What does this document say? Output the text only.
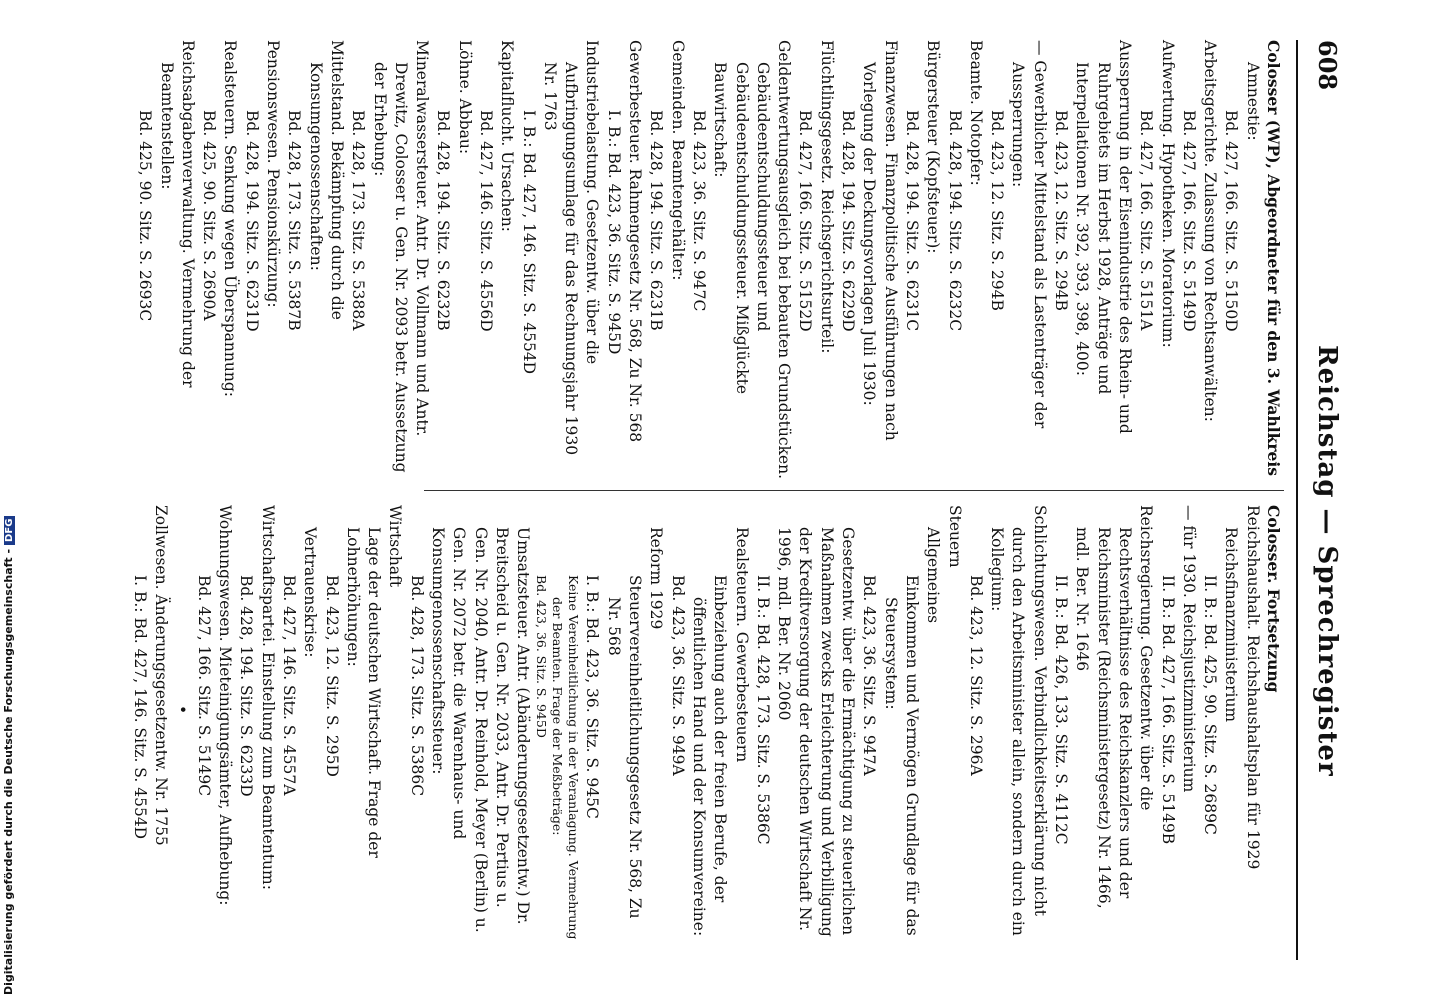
608
Reichstag — Sprechregister
Colosser (WP), Abgeordneter für den 3. Wahlkreis
Amnestie:
Bd. 427, 166. Sitz. S. 5150D
Arbeitsgerichte. Zulassung von Rechtsanwälten:
Bd. 427, 166. Sitz. S. 5149D
Aufwertung. Hypotheken. Moratorium:
Bd. 427, 166. Sitz. S. 5151A
Aussperrung in der Eisenindustrie des Rhein- und Ruhrgebiets im Herbst 1928, Anträge und Interpellationen Nr. 392, 393, 398, 400:
Bd. 423, 12. Sitz. S. 294B
— Gewerblicher Mittelstand als Lastenträger der Aussperrungen:
Bd. 423, 12. Sitz. S. 294B
Beamte. Notopfer:
Bd. 428, 194. Sitz. S. 6232C
Bürgersteuer (Kopfsteuer):
Bd. 428, 194. Sitz. S. 6231C
Finanzwesen. Finanzpolitische Ausführungen nach Vorlegung der Deckungsvorlagen Juli 1930:
Bd. 428, 194. Sitz. S. 6229D
Flüchtlingsgesetz. Reichsgerichtsurteil:
Bd. 427, 166. Sitz. S. 5152D
Geldentwertungsausgleich bei bebauten Grundstücken. Gebäudeentschuldungssteuer und Gebäudeentschuldungssteuer. Mißglückte Bauwirtschaft:
Bd. 423, 36. Sitz. S. 947C
Gemeinden. Beamtengehälter:
Bd. 428, 194. Sitz. S. 6231B
Gewerbesteuer. Rahmengesetz Nr. 568, Zu Nr. 568
I. B.: Bd. 423, 36. Sitz. S. 945D
Industriebelastung. Gesetzentw. über die Aufbringungsumlage für das Rechnungsjahr 1930 Nr. 1763
I. B.: Bd. 427, 146. Sitz. S. 4554D
Kapitalflucht. Ursachen:
Bd. 427, 146. Sitz. S. 4556D
Löhne. Abbau:
Bd. 428, 194. Sitz. S. 6232B
Mineralwassersteuer. Antr. Dr. Vollmann und Antr. Drewitz, Colosser u. Gen. Nr. 2093 betr. Aussetzung der Erhebung:
Bd. 428, 173. Sitz. S. 5388A
Mittelstand. Bekämpfung durch die Konsumgenossenschaften:
Bd. 428, 173. Sitz. S. 5387B
Pensionswesen. Pensionskürzung:
Bd. 428, 194. Sitz. S. 6231D
Realsteuern. Senkung wegen Überspannung:
Bd. 425, 90. Sitz. S. 2690A
Reichsabgabenverwaltung. Vermehrung der Beamtenstellen:
Bd. 425, 90. Sitz. S. 2693C
Colosser. Fortsetzung
Reichshaushalt. Reichshaushaltsplan für 1929 Reichsfinanzministerium
II. B.: Bd. 425, 90. Sitz. S. 2689C
— für 1930. Reichsjustizministerium
II. B.: Bd. 427, 166. Sitz. S. 5149B
Reichsregierung. Gesetzentw. über die Rechtsverhältnisse des Reichskanzlers und der Reichsminister (Reichsministergesetz) Nr. 1466, mdl. Ber. Nr. 1646
II. B.: Bd. 426, 133. Sitz. S. 4112C
Schlichtungswesen. Verbindlichkeitserklärung nicht durch den Arbeitsminister allein, sondern durch ein Kollegium:
Bd. 423, 12. Sitz. S. 296A
Steuern
Allgemeines
Einkommen und Vermögen Grundlage für das Steuersystem:
Bd. 423, 36. Sitz. S. 947A
Gesetzentw. über die Ermächtigung zu steuerlichen Maßnahmen zwecks Erleichterung und Verbilligung der Kreditversorgung der deutschen Wirtschaft Nr. 1996, mdl. Ber. Nr. 2060
II. B.: Bd. 428, 173. Sitz. S. 5386C
Realsteuern. Gewerbesteuern
Einbeziehung auch der freien Berufe, der öffentlichen Hand und der Konsumvereine:
Bd. 423, 36. Sitz. S. 949A
Reform 1929
Steuervereinheitlichungsgesetz Nr. 568, Zu Nr. 568
I. B.: Bd. 423, 36. Sitz. S. 945C
Keine Vereinheitlichung in der Veranlagung. Vermehrung der Beamten. Frage der Meßbeträge:
Bd. 423, 36. Sitz. S. 945D
Umsatzsteuer. Antr. (Abänderungsgesetzentw.) Dr. Breitscheid u. Gen. Nr. 2033, Antr. Dr. Pertius u. Gen. Nr. 2040, Antr. Dr. Reinhold, Meyer (Berlin) u. Gen. Nr. 2072 betr. die Warenhaus- und Konsumgenossenschaftssteuer:
Bd. 428, 173. Sitz. S. 5386C
Wirtschaft
Lage der deutschen Wirtschaft. Frage der Lohnerhöhungen:
Bd. 423, 12. Sitz. S. 295D
Vertrauenskrise:
Bd. 427, 146. Sitz. S. 4557A
Wirtschaftspartei. Einstellung zum Beamtentum:
Bd. 428, 194. Sitz. S. 6233D
Wohnungswesen. Mieteinigungsämter, Aufhebung:
Bd. 427, 166. Sitz. S. 5149C
•
Zollwesen. Änderungsgesetzentw. Nr. 1755
I. B.: Bd. 427, 146. Sitz. S. 4554D
Digitalisierung gefördert durch die Deutsche Forschungsgemeinschaft -DFG
